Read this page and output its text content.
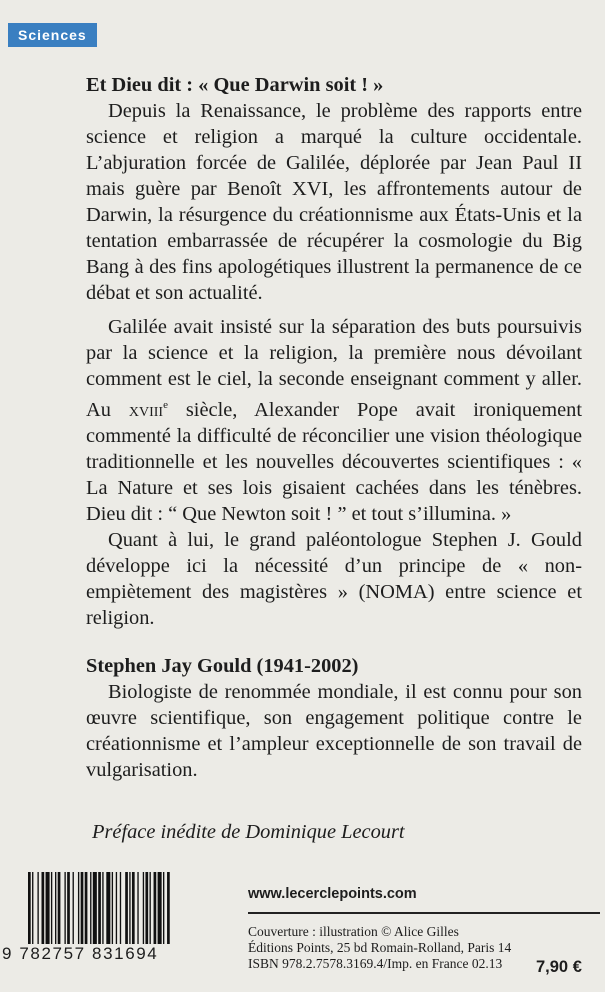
Sciences

Et Dieu dit : « Que Darwin soit ! »

Depuis la Renaissance, le problème des rapports entre science et religion a marqué la culture occidentale. L’abjuration forcée de Galilée, déplorée par Jean Paul II mais guère par Benoît XVI, les affrontements autour de Darwin, la résurgence du créationnisme aux États-Unis et la tentation embarrassée de récupérer la cosmologie du Big Bang à des fins apologétiques illustrent la permanence de ce débat et son actualité.

Galilée avait insisté sur la séparation des buts poursuivis par la science et la religion, la première nous dévoilant comment est le ciel, la seconde enseignant comment y aller. Au xviii$^e$ siècle, Alexander Pope avait ironiquement commenté la difficulté de réconcilier une vision théologique traditionnelle et les nouvelles découvertes scientifiques : « La Nature et ses lois gisaient cachées dans les ténèbres. Dieu dit : “ Que Newton soit ! ” et tout s’illumina. »

Quant à lui, le grand paléontologue Stephen J. Gould développe ici la nécessité d’un principe de « non-empiètement des magistères » (NOMA) entre science et religion.

Stephen Jay Gould (1941-2002)

Biologiste de renommée mondiale, il est connu pour son œuvre scientifique, son engagement politique contre le créationnisme et l’ampleur exceptionnelle de son travail de vulgarisation.

Préface inédite de Dominique Lecourt

9 782757 831694
www.lecerclepoints.com
Couverture : illustration © Alice Gilles
Éditions Points, 25 bd Romain-Rolland, Paris 14
ISBN 978.2.7578.3169.4/Imp. en France 02.13	7,90 €
